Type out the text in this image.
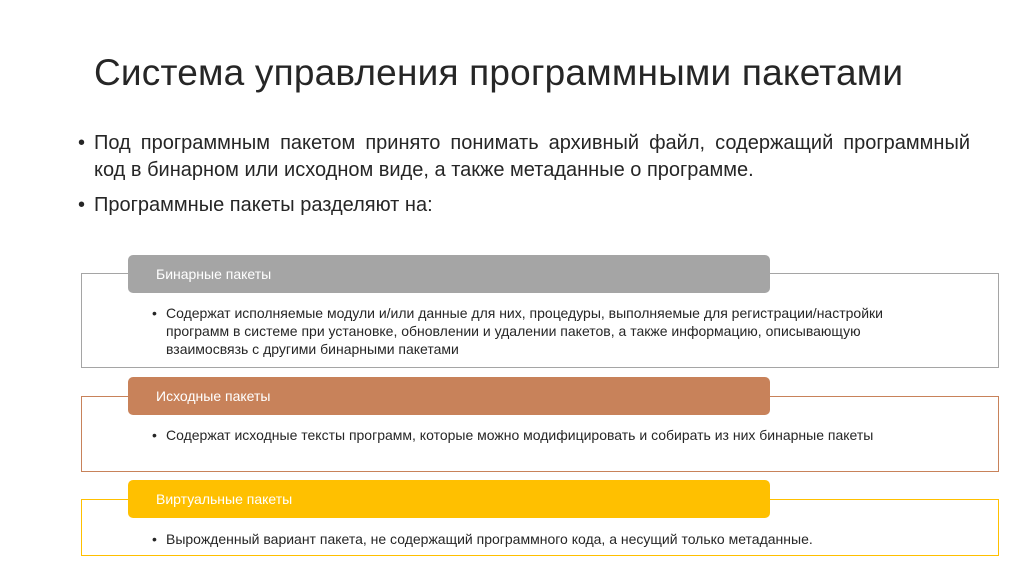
Система управления программными пакетами
• Под программным пакетом принято понимать архивный файл, содержащий программный код в бинарном или исходном виде, а также метаданные о программе.
• Программные пакеты разделяют на:
Бинарные пакеты
• Содержат исполняемые модули и/или данные для них, процедуры, выполняемые для регистрации/настройки программ в системе при установке, обновлении и удалении пакетов, а также информацию, описывающую взаимосвязь с другими бинарными пакетами
Исходные пакеты
• Содержат исходные тексты программ, которые можно модифицировать и собирать из них бинарные пакеты
Виртуальные пакеты
• Вырожденный вариант пакета, не содержащий программного кода, а несущий только метаданные.
